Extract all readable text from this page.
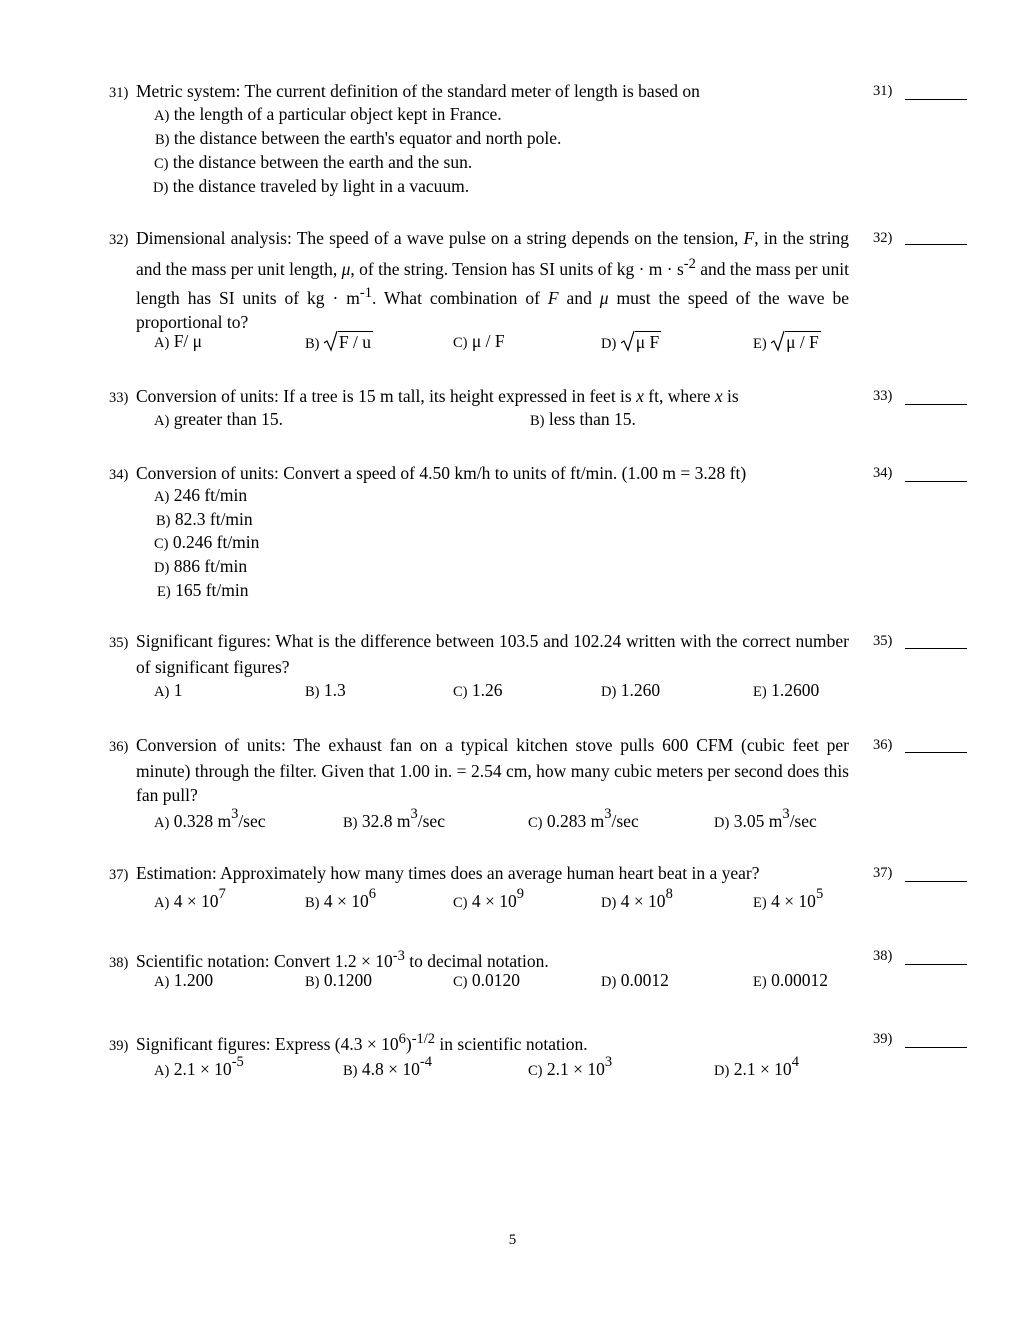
31) Metric system: The current definition of the standard meter of length is based on	31)
A) the length of a particular object kept in France.
B) the distance between the earth's equator and north pole.
C) the distance between the earth and the sun.
D) the distance traveled by light in a vacuum.
32) Dimensional analysis: The speed of a wave pulse on a string depends on the tension, F, in the string and the mass per unit length, μ, of the string. Tension has SI units of kg · $m \cdot s^{-2}$ and the mass per unit length has SI units of kg · $m^{-1}$. What combination of F and μ must the speed of the wave be proportional to?
32)
A) F/ μ	B) F / u	C) μ / F	D) μ F	E) μ / F
33) Conversion of units: If a tree is 15 m tall, its height expressed in feet is x ft, where x is	33)
A) greater than 15.	B) less than 15.
34) Conversion of units: Convert a speed of 4.50 km/h to units of ft/min. (1.00 m = 3.28 ft)	34)
A) 246 ft/min
B) 82.3 ft/min
C) 0.246 ft/min
D) 886 ft/min
E) 165 ft/min
35) Significant figures: What is the difference between 103.5 and 102.24 written with the correct number of significant figures?
35)
A) 1	B) 1.3	C) 1.26	D) 1.260	E) 1.2600
36) Conversion of units: The exhaust fan on a typical kitchen stove pulls 600 CFM (cubic feet per minute) through the filter. Given that 1.00 in. = 2.54 cm, how many cubic meters per second does this fan pull?
36)
A) 0.328 $m^3/\sec$	B) 32.8 $m^3/\sec$	C) 0.283 $m^3/\sec$	D) 3.05 $m^3/\sec$
37) Estimation: Approximately how many times does an average human heart beat in a year?	37)
A) $4 \times 10^7$
B) $4 \times 10^6$
C) $4 \times 10^9$
D) $4 \times 10^8$
E) $4 \times 10^5$
38) Scientific notation: Convert $1.2 \times 10^{-3}$ to decimal notation.	38)
A) 1.200	B) 0.1200	C) 0.0120	D) 0.0012	E) 0.00012
39) Significant figures: Express $(4.3 \times 10^6)^{-1/2}$ in scientific notation.	39)
A) $2.1 \times 10^{-5}$
B) $4.8 \times 10^{-4}$
C) $2.1 \times 10^3$
D) $2.1 \times 10^4$
5
